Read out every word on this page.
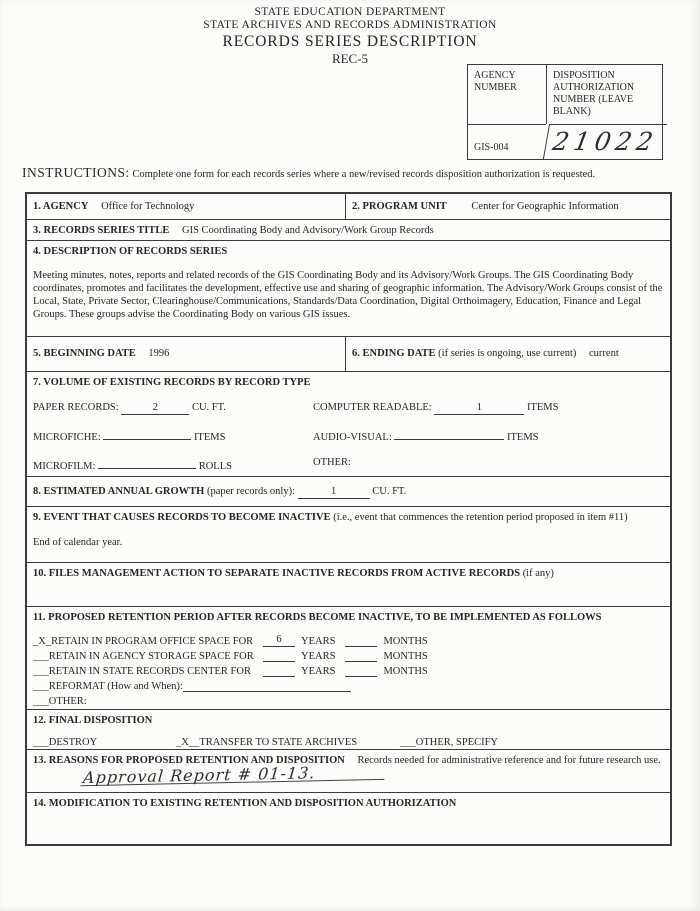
STATE EDUCATION DEPARTMENT
STATE ARCHIVES AND RECORDS ADMINISTRATION
RECORDS SERIES DESCRIPTION
REC-5
AGENCY NUMBER
DISPOSITION AUTHORIZATION NUMBER (LEAVE BLANK)
GIS-004	21022
INSTRUCTIONS: Complete one form for each records series where a new/revised records disposition authorization is requested.
1. AGENCY Office for Technology	2. PROGRAM UNIT Center for Geographic Information
3. RECORDS SERIES TITLE GIS Coordinating Body and Advisory/Work Group Records
4. DESCRIPTION OF RECORDS SERIES
Meeting minutes, notes, reports and related records of the GIS Coordinating Body and its Advisory/Work Groups. The GIS Coordinating Body coordinates, promotes and facilitates the development, effective use and sharing of geographic information. The Advisory/Work Groups consist of the Local, State, Private Sector, Clearinghouse/Communications, Standards/Data Coordination, Digital Orthoimagery, Education, Finance and Legal Groups. These groups advise the Coordinating Body on various GIS issues.
5. BEGINNING DATE 1996	6. ENDING DATE (if series is ongoing, use current) current
7. VOLUME OF EXISTING RECORDS BY RECORD TYPE
PAPER RECORDS:	2	CU. FT.	COMPUTER READABLE:	1	ITEMS
MICROFICHE:	ITEMS	AUDIO-VISUAL:	ITEMS
MICROFILM:	ROLLS	OTHER:
8. ESTIMATED ANNUAL GROWTH (paper records only):	1	CU. FT.
9. EVENT THAT CAUSES RECORDS TO BECOME INACTIVE (i.e., event that commences the retention period proposed in item #11)
End of calendar year.
10. FILES MANAGEMENT ACTION TO SEPARATE INACTIVE RECORDS FROM ACTIVE RECORDS (if any)
11. PROPOSED RETENTION PERIOD AFTER RECORDS BECOME INACTIVE, TO BE IMPLEMENTED AS FOLLOWS
_X_RETAIN IN PROGRAM OFFICE SPACE FOR	6	YEARS	MONTHS
___RETAIN IN AGENCY STORAGE SPACE FOR	YEARS	MONTHS
___RETAIN IN STATE RECORDS CENTER FOR	YEARS	MONTHS
___REFORMAT (How and When):
___OTHER:
12. FINAL DISPOSITION
___DESTROY	_X__TRANSFER TO STATE ARCHIVES	___OTHER, SPECIFY
13. REASONS FOR PROPOSED RETENTION AND DISPOSITION Records needed for administrative reference and for future research use.
Approval Report # 01-13.
14. MODIFICATION TO EXISTING RETENTION AND DISPOSITION AUTHORIZATION
